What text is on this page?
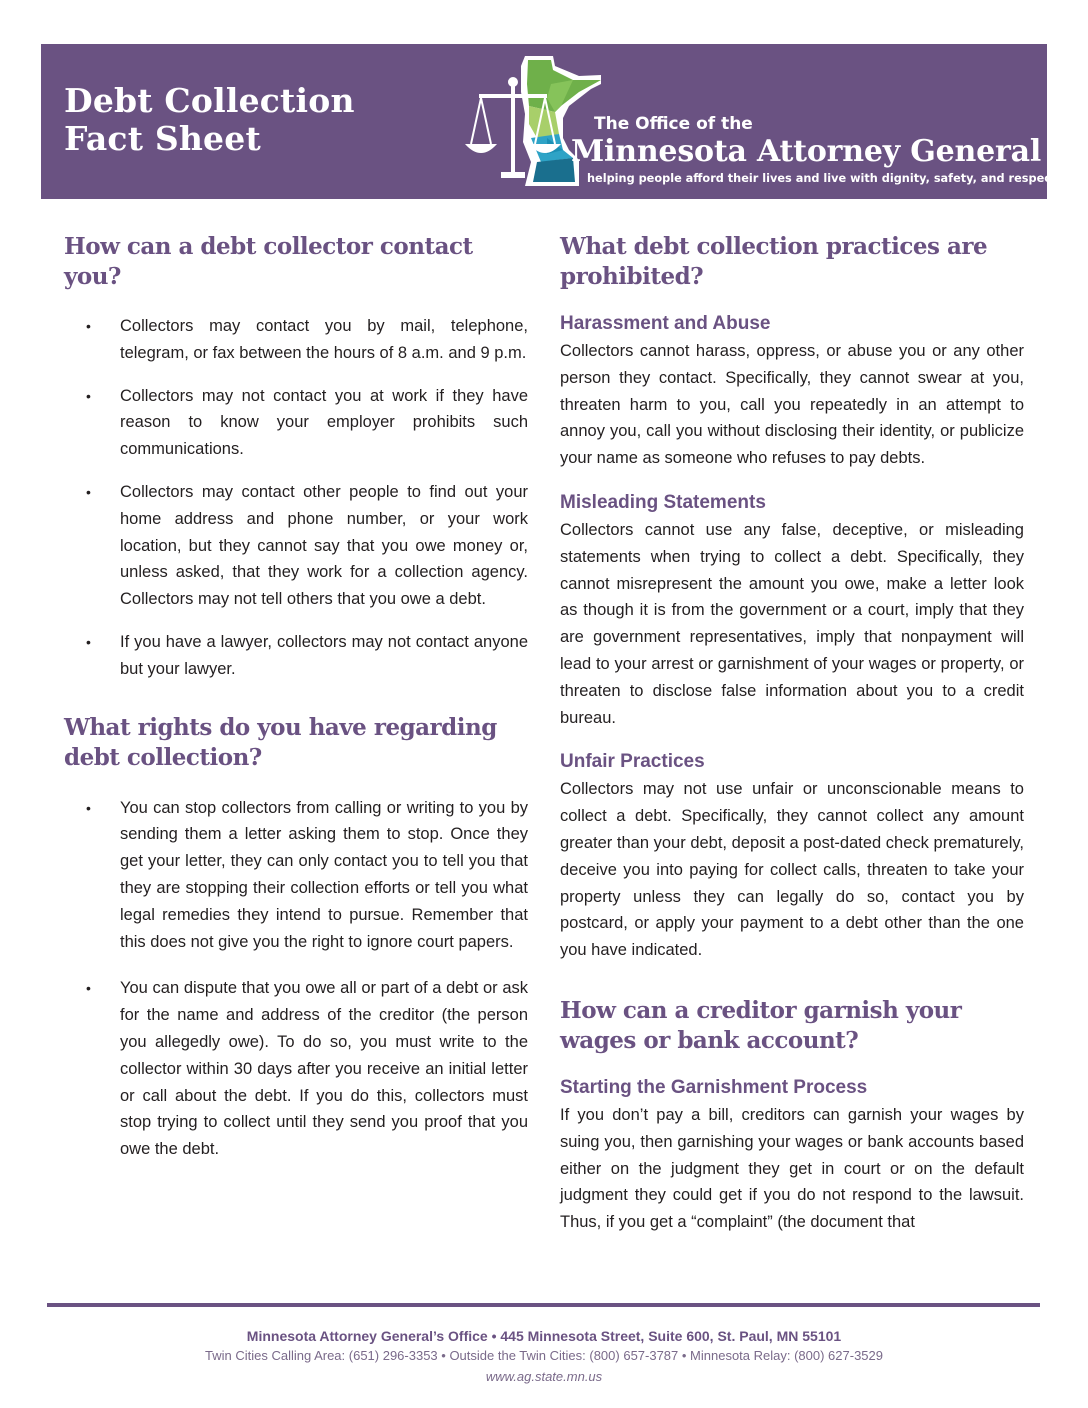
Debt Collection
Fact Sheet	The Office of the
Minnesota Attorney General
helping people afford their lives and live with dignity, safety, and respect
How can a debt collector contact you?
• Collectors may contact you by mail, telephone, telegram, or fax between the hours of 8 a.m. and 9 p.m.
• Collectors may not contact you at work if they have reason to know your employer prohibits such communications.
• Collectors may contact other people to find out your home address and phone number, or your work location, but they cannot say that you owe money or, unless asked, that they work for a collection agency. Collectors may not tell others that you owe a debt.
• If you have a lawyer, collectors may not contact anyone but your lawyer.
What rights do you have regarding debt collection?
• You can stop collectors from calling or writing to you by sending them a letter asking them to stop. Once they get your letter, they can only contact you to tell you that they are stopping their collection efforts or tell you what legal remedies they intend to pursue. Remember that this does not give you the right to ignore court papers.
• You can dispute that you owe all or part of a debt or ask for the name and address of the creditor (the person you allegedly owe). To do so, you must write to the collector within 30 days after you receive an initial letter or call about the debt. If you do this, collectors must stop trying to collect until they send you proof that you owe the debt.
What debt collection practices are prohibited?
Harassment and Abuse

Collectors cannot harass, oppress, or abuse you or any other person they contact. Specifically, they cannot swear at you, threaten harm to you, call you repeatedly in an attempt to annoy you, call you without disclosing their identity, or publicize your name as someone who refuses to pay debts.

Misleading Statements

Collectors cannot use any false, deceptive, or misleading statements when trying to collect a debt. Specifically, they cannot misrepresent the amount you owe, make a letter look as though it is from the government or a court, imply that they are government representatives, imply that nonpayment will lead to your arrest or garnishment of your wages or property, or threaten to disclose false information about you to a credit bureau.

Unfair Practices

Collectors may not use unfair or unconscionable means to collect a debt. Specifically, they cannot collect any amount greater than your debt, deposit a post-dated check prematurely, deceive you into paying for collect calls, threaten to take your property unless they can legally do so, contact you by postcard, or apply your payment to a debt other than the one you have indicated.

How can a creditor garnish your wages or bank account?
Starting the Garnishment Process

If you don’t pay a bill, creditors can garnish your wages by suing you, then garnishing your wages or bank accounts based either on the judgment they get in court or on the default judgment they could get if you do not respond to the lawsuit. Thus, if you get a “complaint” (the document that

Minnesota Attorney General’s Office • 445 Minnesota Street, Suite 600, St. Paul, MN 55101
Twin Cities Calling Area: (651) 296-3353 • Outside the Twin Cities: (800) 657-3787 • Minnesota Relay: (800) 627-3529
www.ag.state.mn.us
